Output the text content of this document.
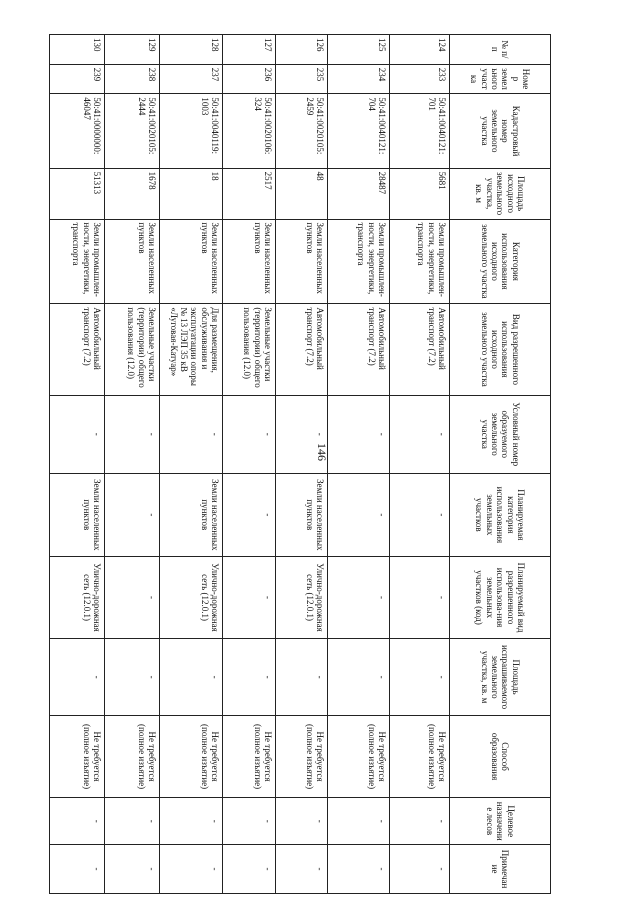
146
№ п/п	Номер земельного участка	Кадастровый номер земельного участка	Площадь исходного земельного участка, кв. м	Категория использования исходного земельного участка	Вид разрешенного использования исходного земельного участка	Условный номер образуемого земельного участка	Планируемая категория использования земельных участков	Планируемый вид разрешенного использова-ния земельных участков (код)	Площадь испрашиваемого земельного участка, кв. м	Способ образования	Целевое назначение лесов	Примечание
124	233	50:41:0040121: 701	5681	Земли промышлен-ности, энергетики, транспорта	Автомобильный транспорт (7.2)	-	-	-	-	Не требуется (полное изъятие)	-	-
125	234	50:41:0040121: 704	28487	Земли промышлен-ности, энергетики, транспорта	Автомобильный транспорт (7.2)	-	-	-	-	Не требуется (полное изъятие)	-	-
126	235	50:41:0020105: 2459	48	Земли населенных пунктов	Автомобильный транспорт (7.2)	-	Земли населенных пунктов	Улично-дорожная сеть (12.0.1)	-	Не требуется (полное изъятие)	-	-
127	236	50:41:0020106: 324	2517	Земли населенных пунктов	Земельные участки (территории) общего пользования (12.0)	-	-	-	-	Не требуется (полное изъятие)	-	-
128	237	50:41:0040119: 1003	18	Земли населенных пунктов	Для размещения, обслуживания и эксплуатации опоры № 13 ЛЭП 35 кВ «Луговая-Катуар»	-	Земли населенных пунктов	Улично-дорожная сеть (12.0.1)	-	Не требуется (полное изъятие)	-	-
129	238	50:41:0020105: 2444	1678	Земли населенных пунктов	Земельные участки (территории) общего пользования (12.0)	-	-	-	-	Не требуется (полное изъятие)	-	-
130	239	50:41:0000000: 46047	51313	Земли промышлен-ности, энергетики, транспорта	Автомобильный транспорт (7.2)	-	Земли населенных пунктов	Улично-дорожная сеть (12.0.1)	-	Не требуется (полное изъятие)	-	-
